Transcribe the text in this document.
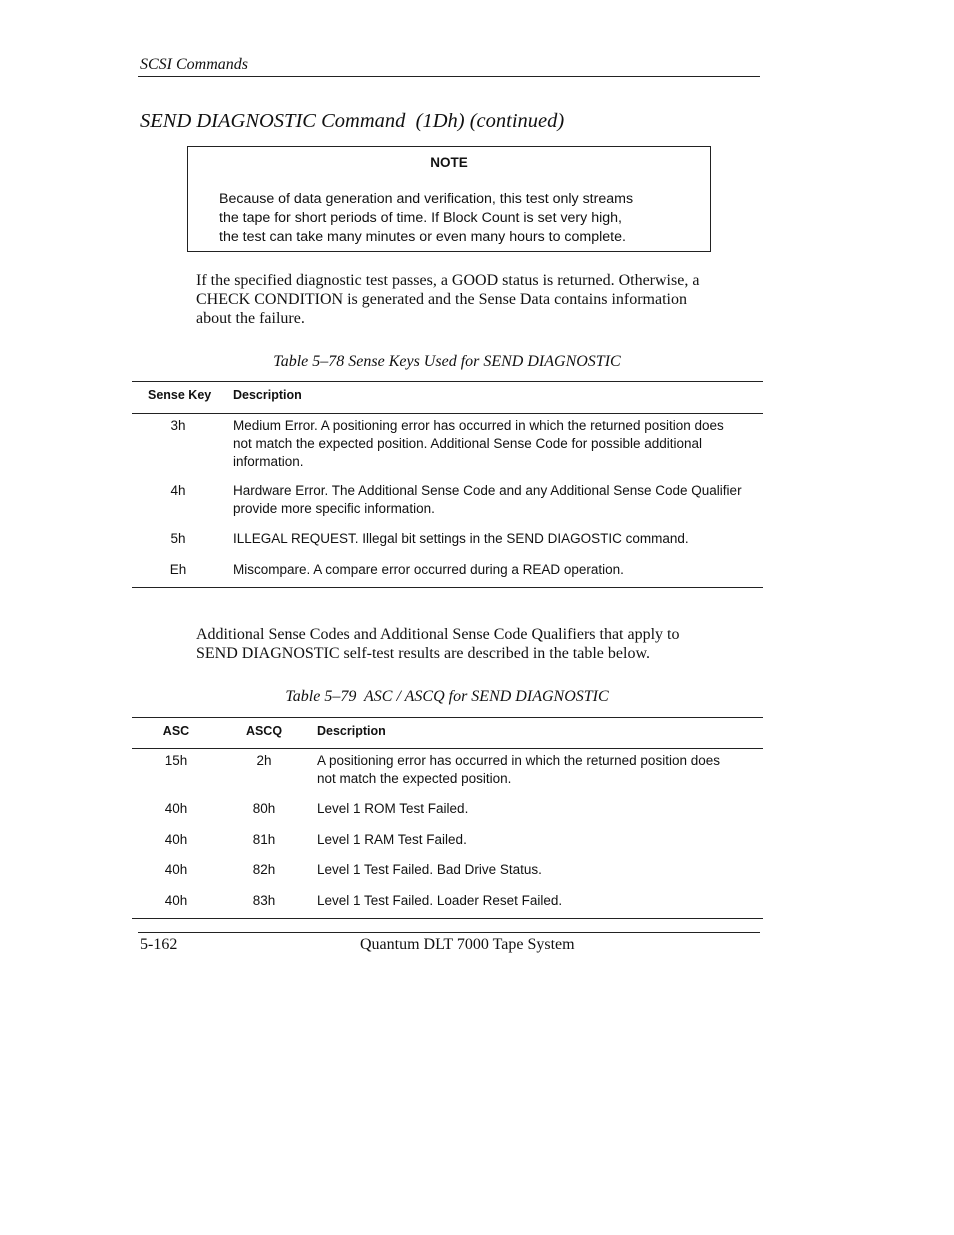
SCSI Commands
SEND DIAGNOSTIC Command  (1Dh) (continued)
NOTE
Because of data generation and verification, this test only streams
the tape for short periods of time. If Block Count is set very high,
the test can take many minutes or even many hours to complete.
If the specified diagnostic test passes, a GOOD status is returned. Otherwise, a
CHECK CONDITION is generated and the Sense Data contains information
about the failure.
Table 5–78 Sense Keys Used for SEND DIAGNOSTIC
Sense Key Description
3h	Medium Error. A positioning error has occurred in which the returned position does
not match the expected position. Additional Sense Code for possible additional
information.
4h	Hardware Error. The Additional Sense Code and any Additional Sense Code Qualifier
provide more specific information.
5h	ILLEGAL REQUEST. Illegal bit settings in the SEND DIAGOSTIC command.
Eh	Miscompare. A compare error occurred during a READ operation.
Additional Sense Codes and Additional Sense Code Qualifiers that apply to
SEND DIAGNOSTIC self-test results are described in the table below.
Table 5–79  ASC / ASCQ for SEND DIAGNOSTIC
ASC	ASCQ	Description
15h	2h	A positioning error has occurred in which the returned position does
not match the expected position.
40h	80h	Level 1 ROM Test Failed.
40h	81h	Level 1 RAM Test Failed.
40h	82h	Level 1 Test Failed. Bad Drive Status.
40h	83h	Level 1 Test Failed. Loader Reset Failed.
5-162	Quantum DLT 7000 Tape System
